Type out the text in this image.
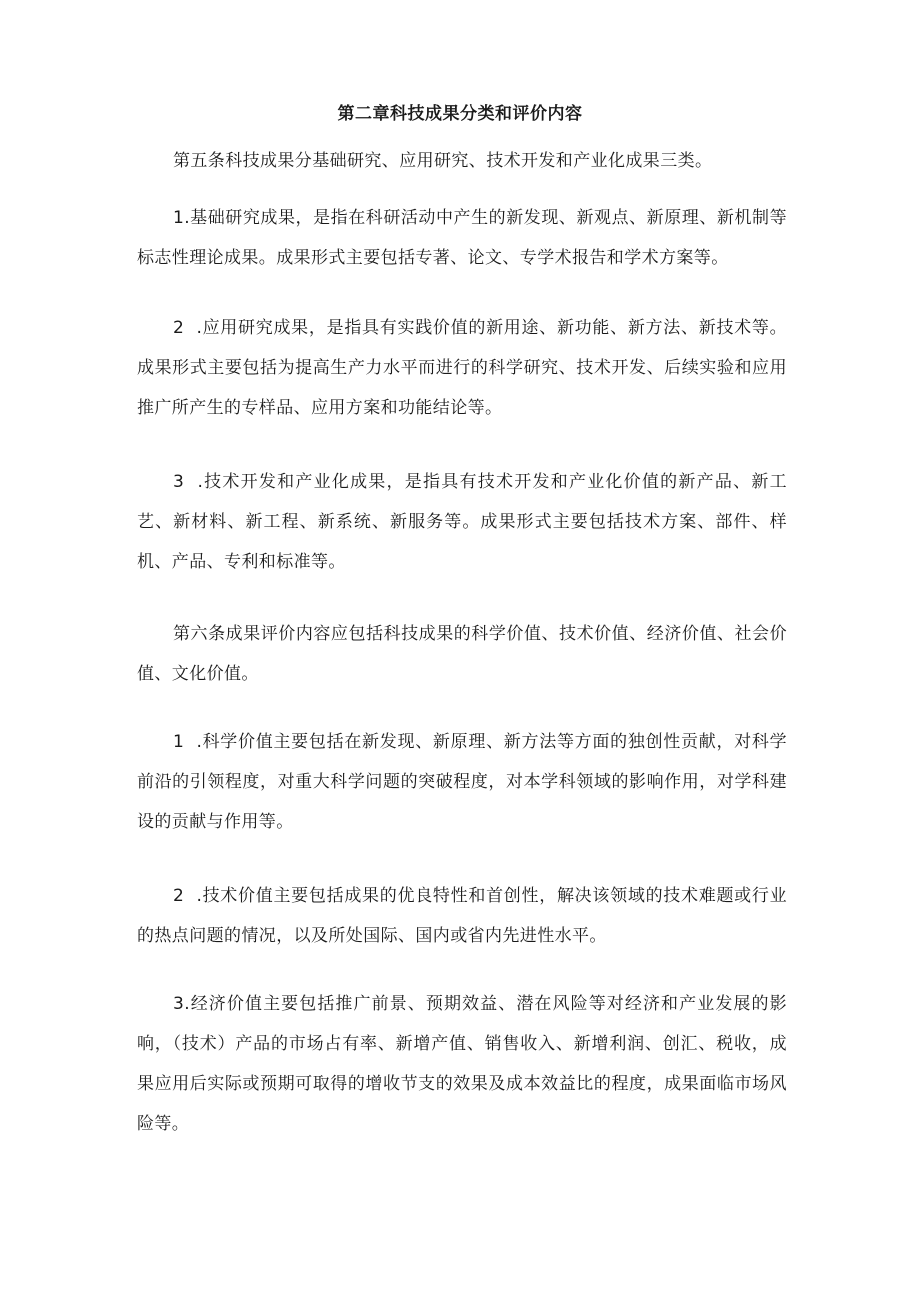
第二章科技成果分类和评价内容

第五条科技成果分基础研究、应用研究、技术开发和产业化成果三类。

1.基础研究成果，是指在科研活动中产生的新发现、新观点、新原理、新机制等标志性理论成果。成果形式主要包括专著、论文、专学术报告和学术方案等。

2  .应用研究成果，是指具有实践价值的新用途、新功能、新方法、新技术等。成果形式主要包括为提高生产力水平而进行的科学研究、技术开发、后续实验和应用推广所产生的专样品、应用方案和功能结论等。

3  .技术开发和产业化成果，是指具有技术开发和产业化价值的新产品、新工艺、新材料、新工程、新系统、新服务等。成果形式主要包括技术方案、部件、样机、产品、专利和标准等。

第六条成果评价内容应包括科技成果的科学价值、技术价值、经济价值、社会价值、文化价值。

1  .科学价值主要包括在新发现、新原理、新方法等方面的独创性贡献，对科学前沿的引领程度，对重大科学问题的突破程度，对本学科领域的影响作用，对学科建设的贡献与作用等。

2  .技术价值主要包括成果的优良特性和首创性，解决该领域的技术难题或行业的热点问题的情况，以及所处国际、国内或省内先进性水平。

3.经济价值主要包括推广前景、预期效益、潜在风险等对经济和产业发展的影响，（技术）产品的市场占有率、新增产值、销售收入、新增利润、创汇、税收，成果应用后实际或预期可取得的增收节支的效果及成本效益比的程度，成果面临市场风险等。
